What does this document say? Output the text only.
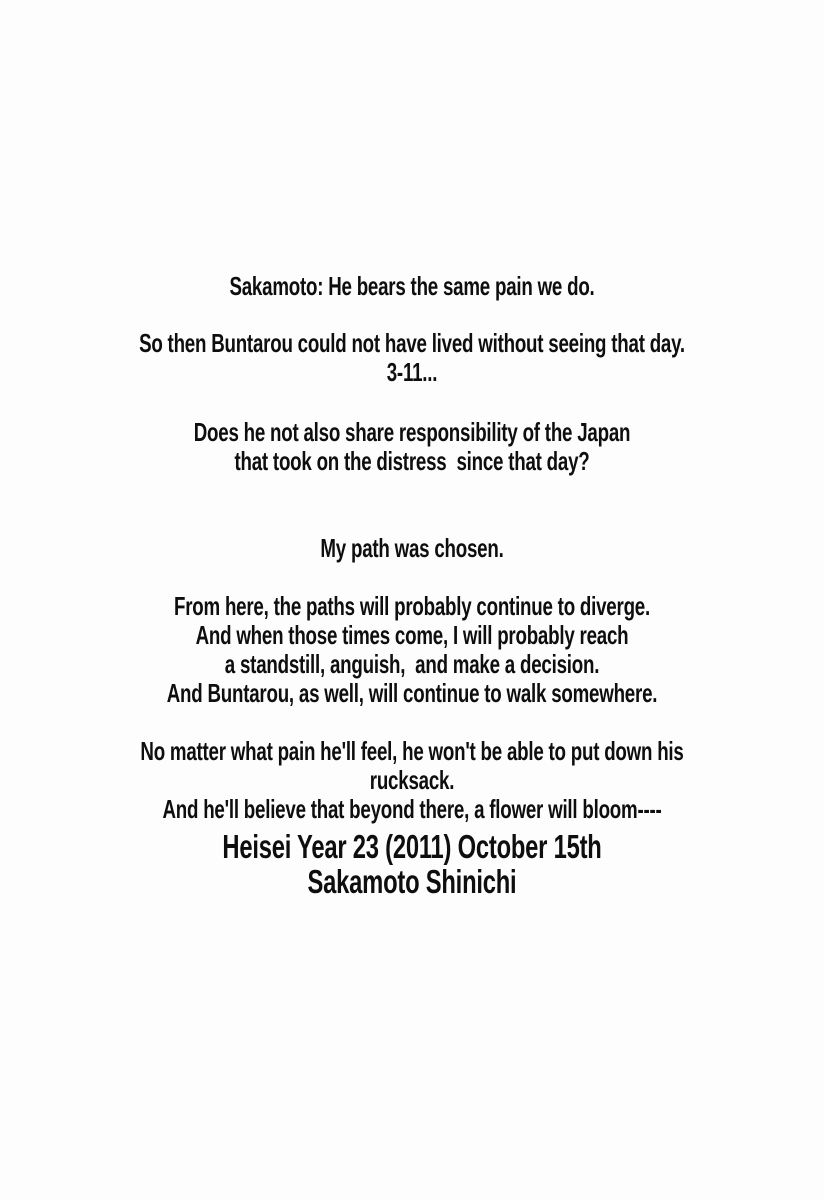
Sakamoto: He bears the same pain we do.
So then Buntarou could not have lived without seeing that day.
3-11...
Does he not also share responsibility of the Japan
that took on the distress  since that day?
My path was chosen.
From here, the paths will probably continue to diverge.
And when those times come, I will probably reach
a standstill, anguish,  and make a decision.
And Buntarou, as well, will continue to walk somewhere.
No matter what pain he'll feel, he won't be able to put down his rucksack.
And he'll believe that beyond there, a flower will bloom----
Heisei Year 23 (2011) October 15th
Sakamoto Shinichi
